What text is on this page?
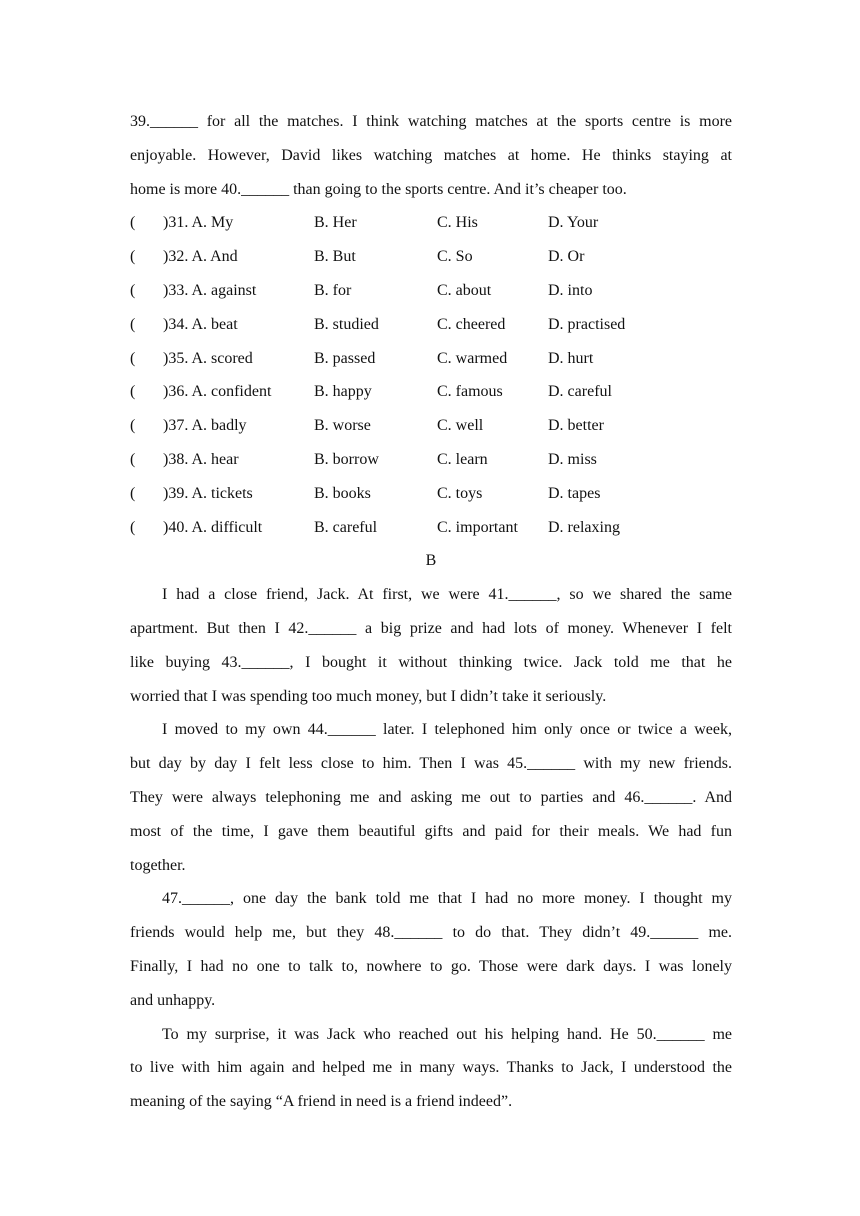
39.______ for all the matches. I think watching matches at the sports centre is more
enjoyable. However, David likes watching matches at home. He thinks staying at
home is more 40.______ than going to the sports centre. And it’s cheaper too.
( )31. A. My	B. Her	C. His	D. Your
( )32. A. And	B. But	C. So	D. Or
( )33. A. against	B. for	C. about	D. into
( )34. A. beat	B. studied	C. cheered	D. practised
( )35. A. scored	B. passed	C. warmed	D. hurt
( )36. A. confident	B. happy	C. famous	D. careful
( )37. A. badly	B. worse	C. well	D. better
( )38. A. hear	B. borrow	C. learn	D. miss
( )39. A. tickets	B. books	C. toys	D. tapes
( )40. A. difficult	B. careful	C. important D. relaxing
B
I had a close friend, Jack. At first, we were 41.______, so we shared the same
apartment. But then I 42.______ a big prize and had lots of money. Whenever I felt
like buying 43.______, I bought it without thinking twice. Jack told me that he
worried that I was spending too much money, but I didn’t take it seriously.
I moved to my own 44.______ later. I telephoned him only once or twice a week,
but day by day I felt less close to him. Then I was 45.______ with my new friends.
They were always telephoning me and asking me out to parties and 46.______. And
most of the time, I gave them beautiful gifts and paid for their meals. We had fun
together.
47.______, one day the bank told me that I had no more money. I thought my
friends would help me, but they 48.______ to do that. They didn’t 49.______ me.
Finally, I had no one to talk to, nowhere to go. Those were dark days. I was lonely
and unhappy.
To my surprise, it was Jack who reached out his helping hand. He 50.______ me
to live with him again and helped me in many ways. Thanks to Jack, I understood the
meaning of the saying “A friend in need is a friend indeed”.
